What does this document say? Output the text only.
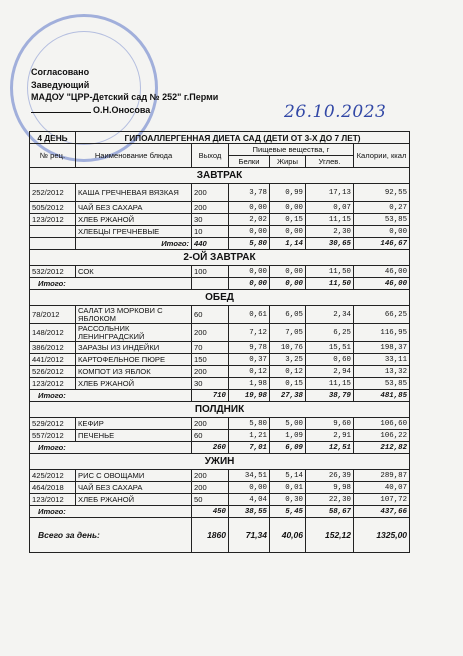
Согласовано
Заведующий
МАДОУ "ЦРР-Детский сад № 252" г.Перми
О.Н.Оносова	26.10.2023
4 ДЕНЬ	ГИПОАЛЛЕРГЕННАЯ ДИЕТА САД (ДЕТИ ОТ 3-Х ДО 7 ЛЕТ)					
№ рец.	Наименование блюда	Выход	Пищевые вещества, г			Калории, ккал
			Белки	Жиры	Углев.	
ЗАВТРАК						
252/2012	КАША ГРЕЧНЕВАЯ ВЯЗКАЯ	200	3,78	0,99	17,13	92,55
505/2012	ЧАЙ БЕЗ САХАРА	200	0,00	0,00	0,07	0,27
123/2012	ХЛЕБ РЖАНОЙ	30	2,02	0,15	11,15	53,85
	ХЛЕБЦЫ ГРЕЧНЕВЫЕ	10	0,00	0,00	2,30	0,00
	Итого:	440	5,80	1,14	30,65	146,67
2-ОЙ ЗАВТРАК						
532/2012	СОК	100	0,00	0,00	11,50	46,00
Итого:			0,00	0,00	11,50	46,00
ОБЕД						
78/2012	САЛАТ ИЗ МОРКОВИ С ЯБЛОКОМ	60	0,61	6,05	2,34	66,25
148/2012	РАССОЛЬНИК ЛЕНИНГРАДСКИЙ	200	7,12	7,05	6,25	116,95
386/2012	ЗАРАЗЫ ИЗ ИНДЕЙКИ	70	9,78	10,76	15,51	198,37
441/2012	КАРТОФЕЛЬНОЕ ПЮРЕ	150	0,37	3,25	0,60	33,11
526/2012	КОМПОТ ИЗ ЯБЛОК	200	0,12	0,12	2,94	13,32
123/2012	ХЛЕБ РЖАНОЙ	30	1,98	0,15	11,15	53,85
Итого:		710	19,98	27,38	38,79	481,85
ПОЛДНИК						
529/2012	КЕФИР	200	5,80	5,00	9,60	106,60
557/2012	ПЕЧЕНЬЕ	60	1,21	1,09	2,91	106,22
Итого:		260	7,01	6,09	12,51	212,82
УЖИН						
425/2012	РИС С ОВОЩАМИ	200	34,51	5,14	26,39	289,87
464/2018	ЧАЙ БЕЗ САХАРА	200	0,00	0,01	9,98	40,07
123/2012	ХЛЕБ РЖАНОЙ	50	4,04	0,30	22,30	107,72
Итого:		450	38,55	5,45	58,67	437,66
Всего за день:		1860	71,34	40,06	152,12	1325,00
